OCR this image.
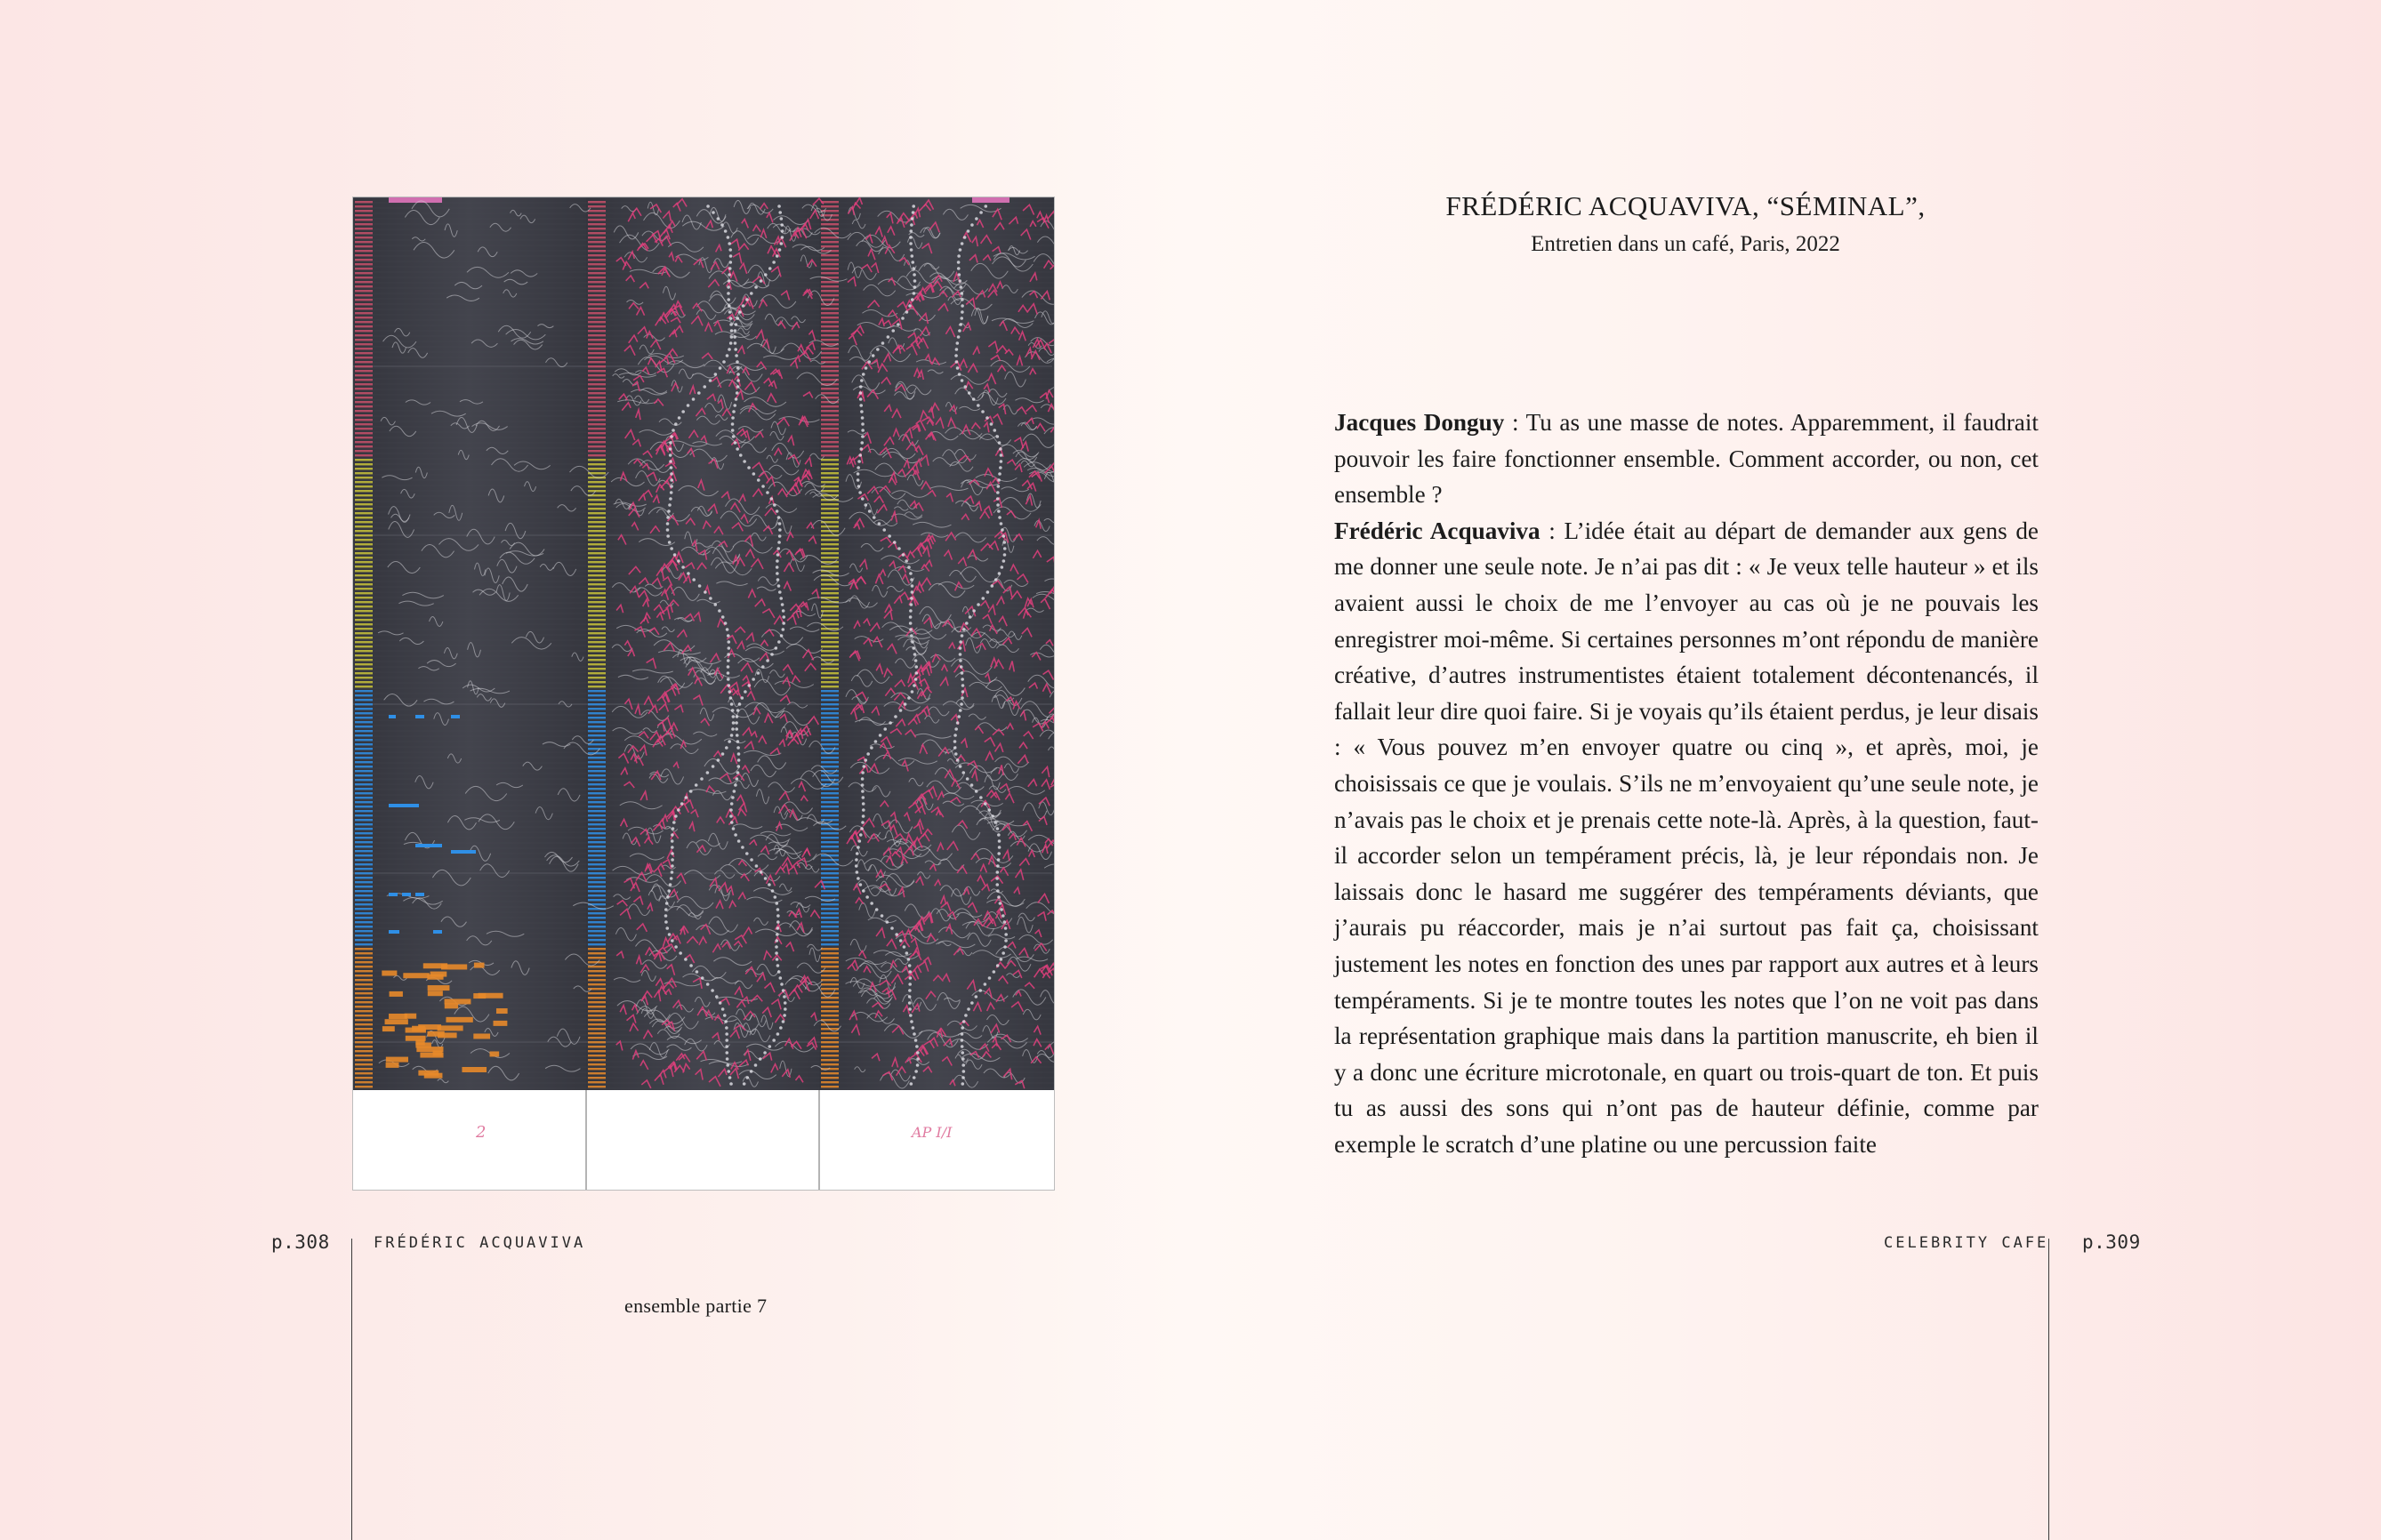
2	AP I/I
FRÉDÉRIC ACQUAVIVA, “SÉMINAL”,
Entretien dans un café, Paris, 2022

Jacques Donguy : Tu as une masse de notes. Apparemment, il faudrait pouvoir les faire fonctionner ensemble. Comment accorder, ou non, cet ensemble ?

Frédéric Acquaviva : L’idée était au départ de demander aux gens de me donner une seule note. Je n’ai pas dit : « Je veux telle hauteur » et ils avaient aussi le choix de me l’envoyer au cas où je ne pouvais les enregistrer moi-même. Si certaines personnes m’ont répondu de manière créative, d’autres instrumentistes étaient totalement décontenancés, il fallait leur dire quoi faire. Si je voyais qu’ils étaient perdus, je leur disais : « Vous pouvez m’en envoyer quatre ou cinq », et après, moi, je choisissais ce que je voulais. S’ils ne m’envoyaient qu’une seule note, je n’avais pas le choix et je prenais cette note-là. Après, à la question, faut-il accorder selon un tempérament précis, là, je leur répondais non. Je laissais donc le hasard me suggérer des tempéraments déviants, que j’aurais pu réaccorder, mais je n’ai surtout pas fait ça, choisissant justement les notes en fonction des unes par rapport aux autres et à leurs tempéraments. Si je te montre toutes les notes que l’on ne voit pas dans la représentation graphique mais dans la partition manuscrite, eh bien il y a donc une écriture microtonale, en quart ou trois-quart de ton. Et puis tu as aussi des sons qui n’ont pas de hauteur définie, comme par exemple le scratch d’une platine ou une percussion faite

p.308	FRÉDÉRIC ACQUAVIVA
ensemble partie 7
CELEBRITY CAFE p.309
